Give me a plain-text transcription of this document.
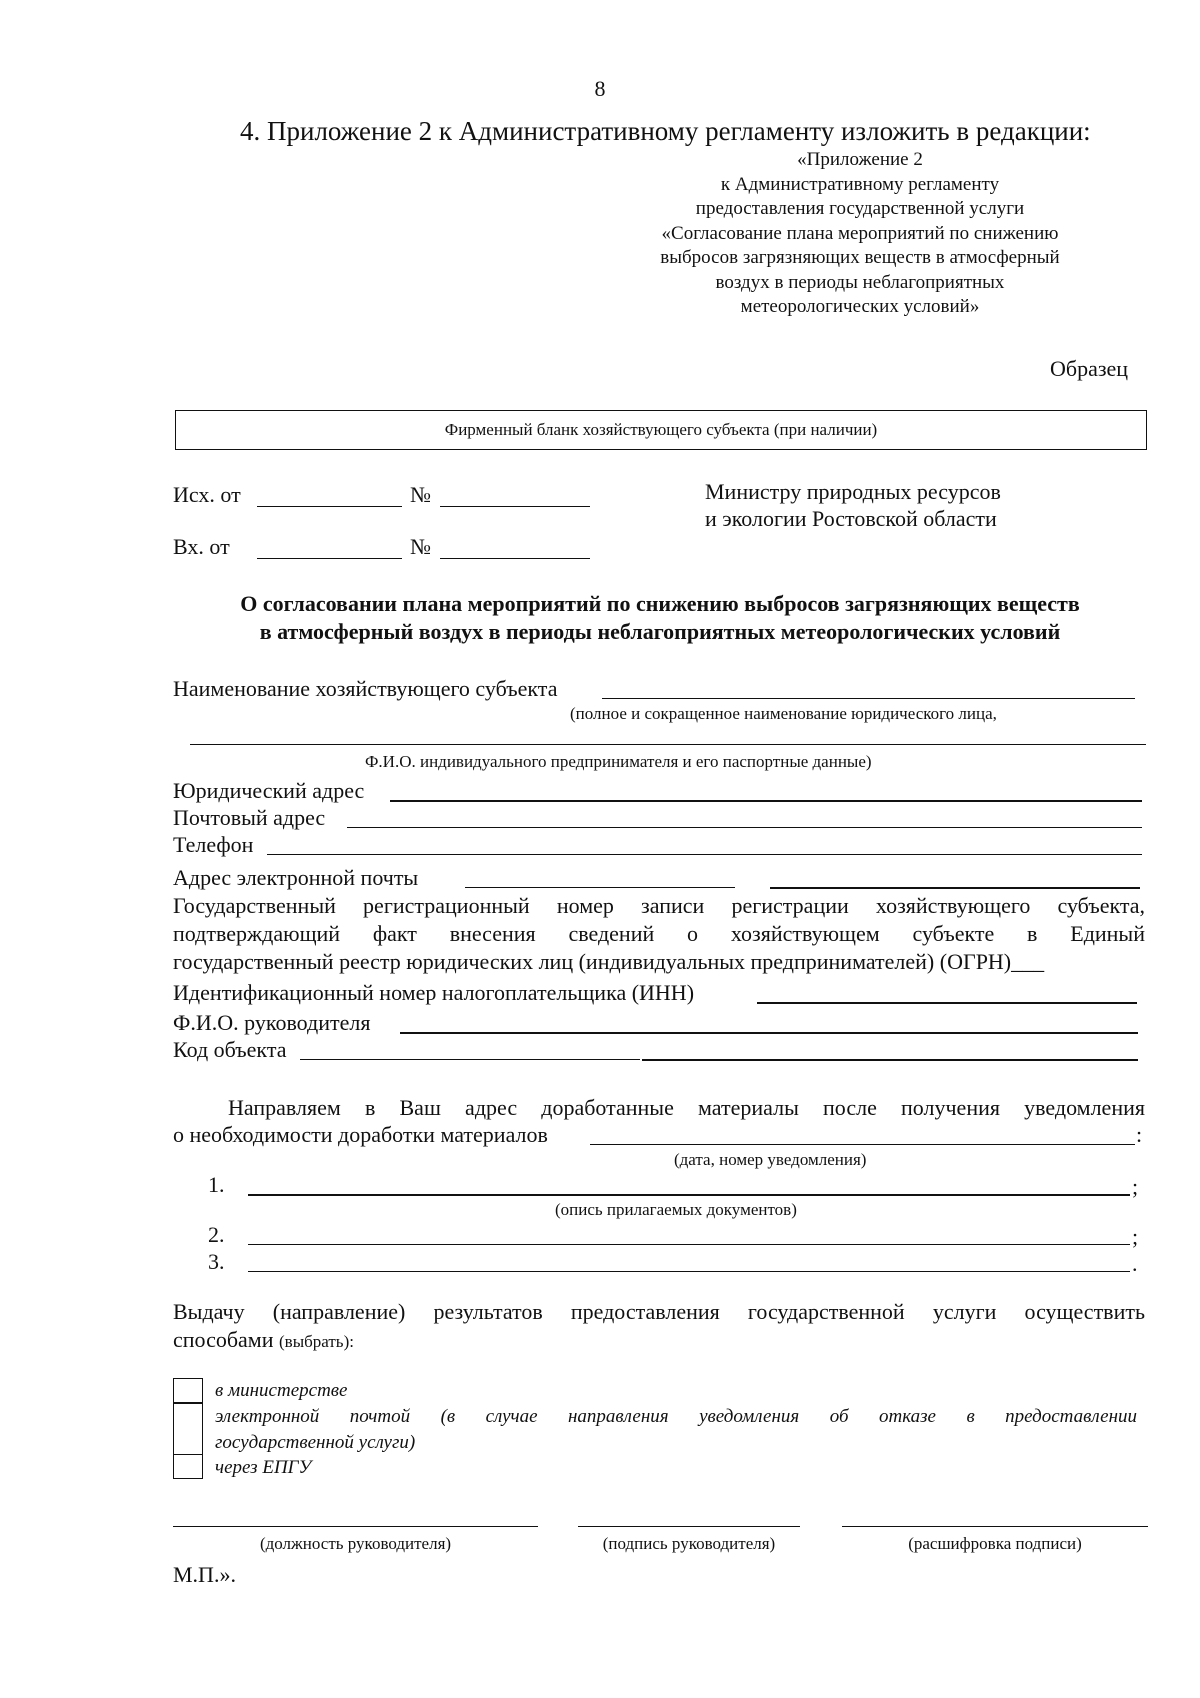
8
4. Приложение 2 к Административному регламенту изложить в редакции:
«Приложение 2
к Административному регламенту
предоставления государственной услуги
«Согласование плана мероприятий по снижению
выбросов загрязняющих веществ в атмосферный
воздух в периоды неблагоприятных
метеорологических условий»
Образец
Фирменный бланк хозяйствующего субъекта (при наличии)
Исх. от	№
Вх. от	№
Министру природных ресурсов
и экологии Ростовской области
О согласовании плана мероприятий по снижению выбросов загрязняющих веществ
в атмосферный воздух в периоды неблагоприятных метеорологических условий
Наименование хозяйствующего субъекта
(полное и сокращенное наименование юридического лица,
Ф.И.О. индивидуального предпринимателя и его паспортные данные)
Юридический адрес
Почтовый адрес
Телефон
Адрес электронной почты
Государственный регистрационный номер записи регистрации хозяйствующего субъекта,
подтверждающий факт внесения сведений о хозяйствующем субъекте в Единый
государственный реестр юридических лиц (индивидуальных предпринимателей) (ОГРН)___
Идентификационный номер налогоплательщика (ИНН)
Ф.И.О. руководителя
Код объекта
Направляем в Ваш адрес доработанные материалы после получения уведомления
о необходимости доработки материалов	:
(дата, номер уведомления)
1.	;
(опись прилагаемых документов)
2.	;
3.	.
Выдачу (направление) результатов предоставления государственной услуги осуществить
способами (выбрать):
в министерстве
электронной почтой (в случае направления уведомления об отказе в предоставлении
государственной услуги)
через ЕПГУ
(должность руководителя)	(подпись руководителя)	(расшифровка подписи)
М.П.».
